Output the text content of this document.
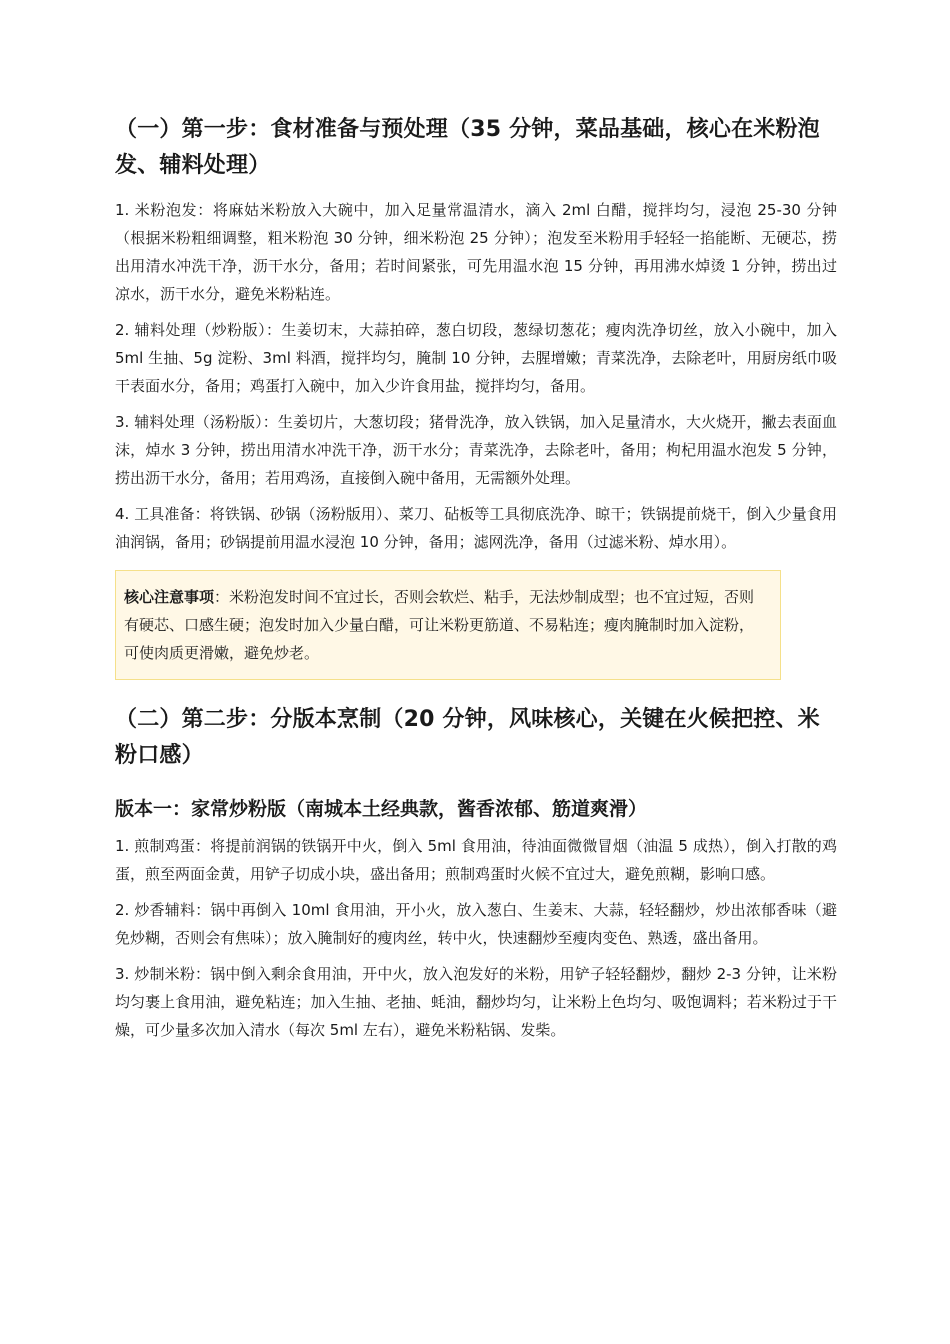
（一）第一步：食材准备与预处理（35 分钟，菜品基础，核心在米粉泡发、辅料处理）

1. 米粉泡发：将麻姑米粉放入大碗中，加入足量常温清水，滴入 2ml 白醋，搅拌均匀，浸泡 25-30 分钟（根据米粉粗细调整，粗米粉泡 30 分钟，细米粉泡 25 分钟）；泡发至米粉用手轻轻一掐能断、无硬芯，捞出用清水冲洗干净，沥干水分，备用；若时间紧张，可先用温水泡 15 分钟，再用沸水焯烫 1 分钟，捞出过凉水，沥干水分，避免米粉粘连。

2. 辅料处理（炒粉版）：生姜切末，大蒜拍碎，葱白切段，葱绿切葱花；瘦肉洗净切丝，放入小碗中，加入 5ml 生抽、5g 淀粉、3ml 料酒，搅拌均匀，腌制 10 分钟，去腥增嫩；青菜洗净，去除老叶，用厨房纸巾吸干表面水分，备用；鸡蛋打入碗中，加入少许食用盐，搅拌均匀，备用。

3. 辅料处理（汤粉版）：生姜切片，大葱切段；猪骨洗净，放入铁锅，加入足量清水，大火烧开，撇去表面血沫，焯水 3 分钟，捞出用清水冲洗干净，沥干水分；青菜洗净，去除老叶，备用；枸杞用温水泡发 5 分钟，捞出沥干水分，备用；若用鸡汤，直接倒入碗中备用，无需额外处理。

4. 工具准备：将铁锅、砂锅（汤粉版用）、菜刀、砧板等工具彻底洗净、晾干；铁锅提前烧干，倒入少量食用油润锅，备用；砂锅提前用温水浸泡 10 分钟，备用；滤网洗净，备用（过滤米粉、焯水用）。

核心注意事项：米粉泡发时间不宜过长，否则会软烂、粘手，无法炒制成型；也不宜过短，否则有硬芯、口感生硬；泡发时加入少量白醋，可让米粉更筋道、不易粘连；瘦肉腌制时加入淀粉，可使肉质更滑嫩，避免炒老。
（二）第二步：分版本烹制（20 分钟，风味核心，关键在火候把控、米粉口感）
版本一：家常炒粉版（南城本土经典款，酱香浓郁、筋道爽滑）

1. 煎制鸡蛋：将提前润锅的铁锅开中火，倒入 5ml 食用油，待油面微微冒烟（油温 5 成热），倒入打散的鸡蛋，煎至两面金黄，用铲子切成小块，盛出备用；煎制鸡蛋时火候不宜过大，避免煎糊，影响口感。

2. 炒香辅料：锅中再倒入 10ml 食用油，开小火，放入葱白、生姜末、大蒜，轻轻翻炒，炒出浓郁香味（避免炒糊，否则会有焦味）；放入腌制好的瘦肉丝，转中火，快速翻炒至瘦肉变色、熟透，盛出备用。

3. 炒制米粉：锅中倒入剩余食用油，开中火，放入泡发好的米粉，用铲子轻轻翻炒，翻炒 2-3 分钟，让米粉均匀裹上食用油，避免粘连；加入生抽、老抽、蚝油，翻炒均匀，让米粉上色均匀、吸饱调料；若米粉过于干燥，可少量多次加入清水（每次 5ml 左右），避免米粉粘锅、发柴。
